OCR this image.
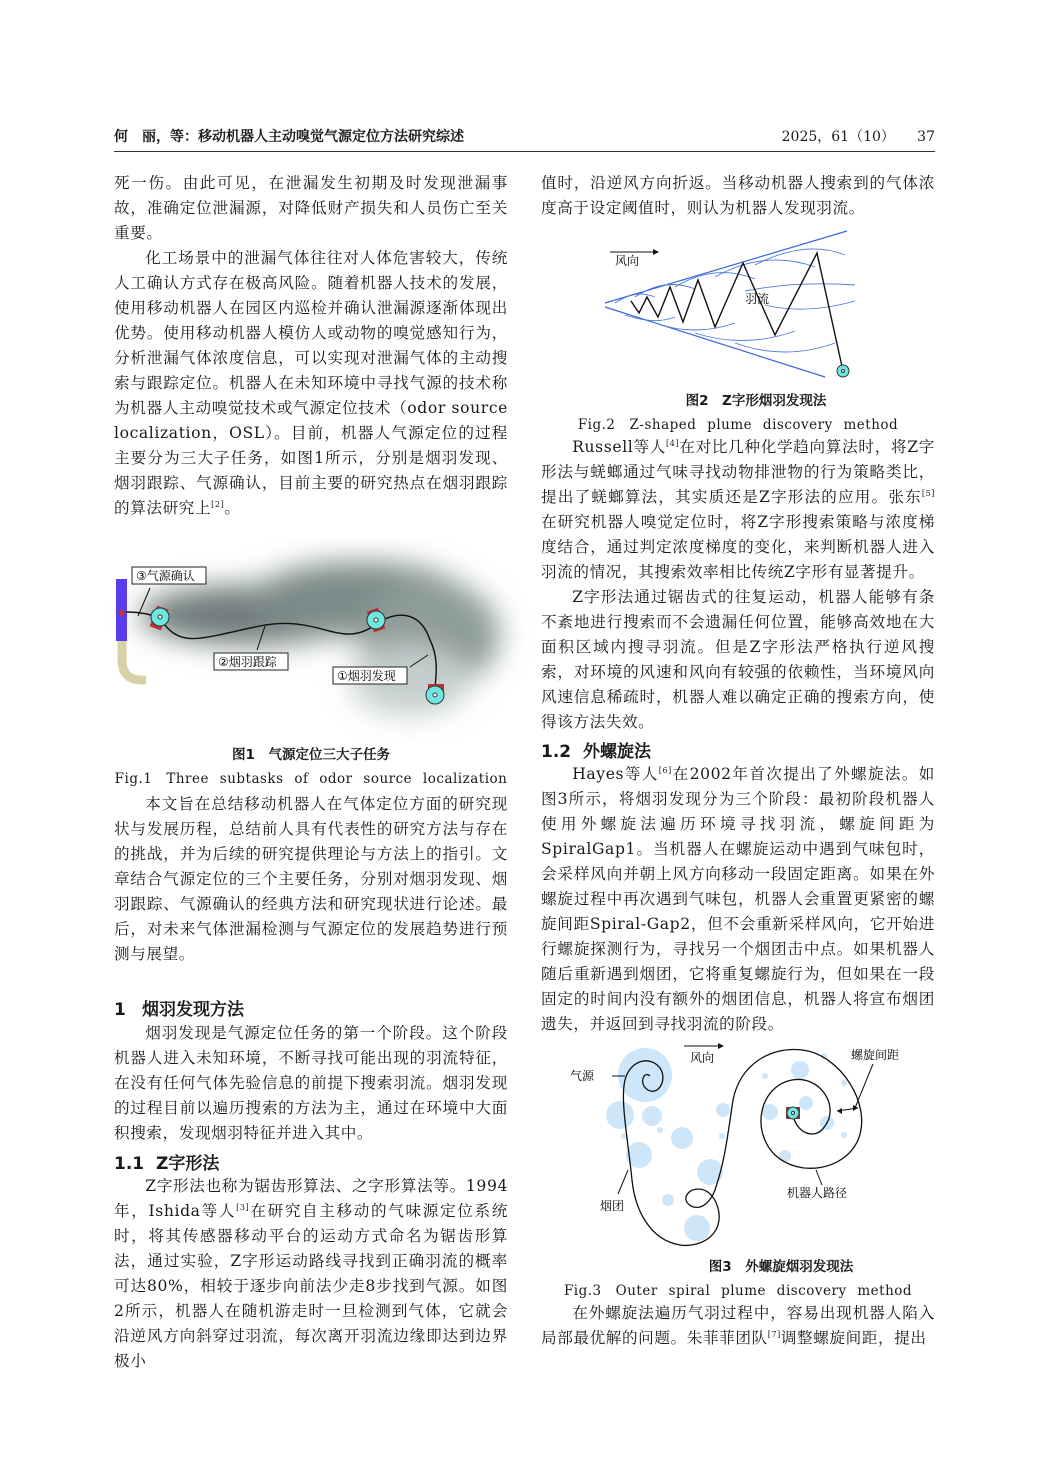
何　丽，等：移动机器人主动嗅觉气源定位方法研究综述	2025，61（10） 37

死一伤。由此可见，在泄漏发生初期及时发现泄漏事故，准确定位泄漏源，对降低财产损失和人员伤亡至关重要。

化工场景中的泄漏气体往往对人体危害较大，传统人工确认方式存在极高风险。随着机器人技术的发展，使用移动机器人在园区内巡检并确认泄漏源逐渐体现出优势。使用移动机器人模仿人或动物的嗅觉感知行为，分析泄漏气体浓度信息，可以实现对泄漏气体的主动搜索与跟踪定位。机器人在未知环境中寻找气源的技术称为机器人主动嗅觉技术或气源定位技术（odor source localization，OSL）。目前，机器人气源定位的过程主要分为三大子任务，如图1所示，分别是烟羽发现、烟羽跟踪、气源确认，目前主要的研究热点在烟羽跟踪的算法研究上[2]。

③气源确认
②烟羽跟踪
①烟羽发现
图1　气源定位三大子任务
Fig.1　Three subtasks of odor source localization

本文旨在总结移动机器人在气体定位方面的研究现状与发展历程，总结前人具有代表性的研究方法与存在的挑战，并为后续的研究提供理论与方法上的指引。文章结合气源定位的三个主要任务，分别对烟羽发现、烟羽跟踪、气源确认的经典方法和研究现状进行论述。最后，对未来气体泄漏检测与气源定位的发展趋势进行预测与展望。

1 烟羽发现方法

烟羽发现是气源定位任务的第一个阶段。这个阶段机器人进入未知环境，不断寻找可能出现的羽流特征，在没有任何气体先验信息的前提下搜索羽流。烟羽发现的过程目前以遍历搜索的方法为主，通过在环境中大面积搜索，发现烟羽特征并进入其中。

1.1 Z字形法

Z字形法也称为锯齿形算法、之字形算法等。1994年，Ishida等人[3]在研究自主移动的气味源定位系统时，将其传感器移动平台的运动方式命名为锯齿形算法，通过实验，Z字形运动路线寻找到正确羽流的概率可达80%，相较于逐步向前法少走8步找到气源。如图2所示，机器人在随机游走时一旦检测到气体，它就会沿逆风方向斜穿过羽流，每次离开羽流边缘即达到边界极小

值时，沿逆风方向折返。当移动机器人搜索到的气体浓度高于设定阈值时，则认为机器人发现羽流。

风向
羽流
图2　Z字形烟羽发现法
Fig.2　Z-shaped plume discovery method

Russell等人[4]在对比几种化学趋向算法时，将Z字形法与蜣螂通过气味寻找动物排泄物的行为策略类比，提出了蜣螂算法，其实质还是Z字形法的应用。张东[5]在研究机器人嗅觉定位时，将Z字形搜索策略与浓度梯度结合，通过判定浓度梯度的变化，来判断机器人进入羽流的情况，其搜索效率相比传统Z字形有显著提升。

Z字形法通过锯齿式的往复运动，机器人能够有条不紊地进行搜索而不会遗漏任何位置，能够高效地在大面积区域内搜寻羽流。但是Z字形法严格执行逆风搜索，对环境的风速和风向有较强的依赖性，当环境风向风速信息稀疏时，机器人难以确定正确的搜索方向，使得该方法失效。

1.2 外螺旋法

Hayes等人[6]在2002年首次提出了外螺旋法。如图3所示，将烟羽发现分为三个阶段：最初阶段机器人使用外螺旋法遍历环境寻找羽流，螺旋间距为SpiralGap1。当机器人在螺旋运动中遇到气味包时，会采样风向并朝上风方向移动一段固定距离。如果在外螺旋过程中再次遇到气味包，机器人会重置更紧密的螺旋间距Spiral-Gap2，但不会重新采样风向，它开始进行螺旋探测行为，寻找另一个烟团击中点。如果机器人随后重新遇到烟团，它将重复螺旋行为，但如果在一段固定的时间内没有额外的烟团信息，机器人将宣布烟团遗失，并返回到寻找羽流的阶段。

气源
风向	螺旋间距
烟团
机器人路径
图3　外螺旋烟羽发现法
Fig.3　Outer spiral plume discovery method

在外螺旋法遍历气羽过程中，容易出现机器人陷入局部最优解的问题。朱菲菲团队[7]调整螺旋间距，提出
